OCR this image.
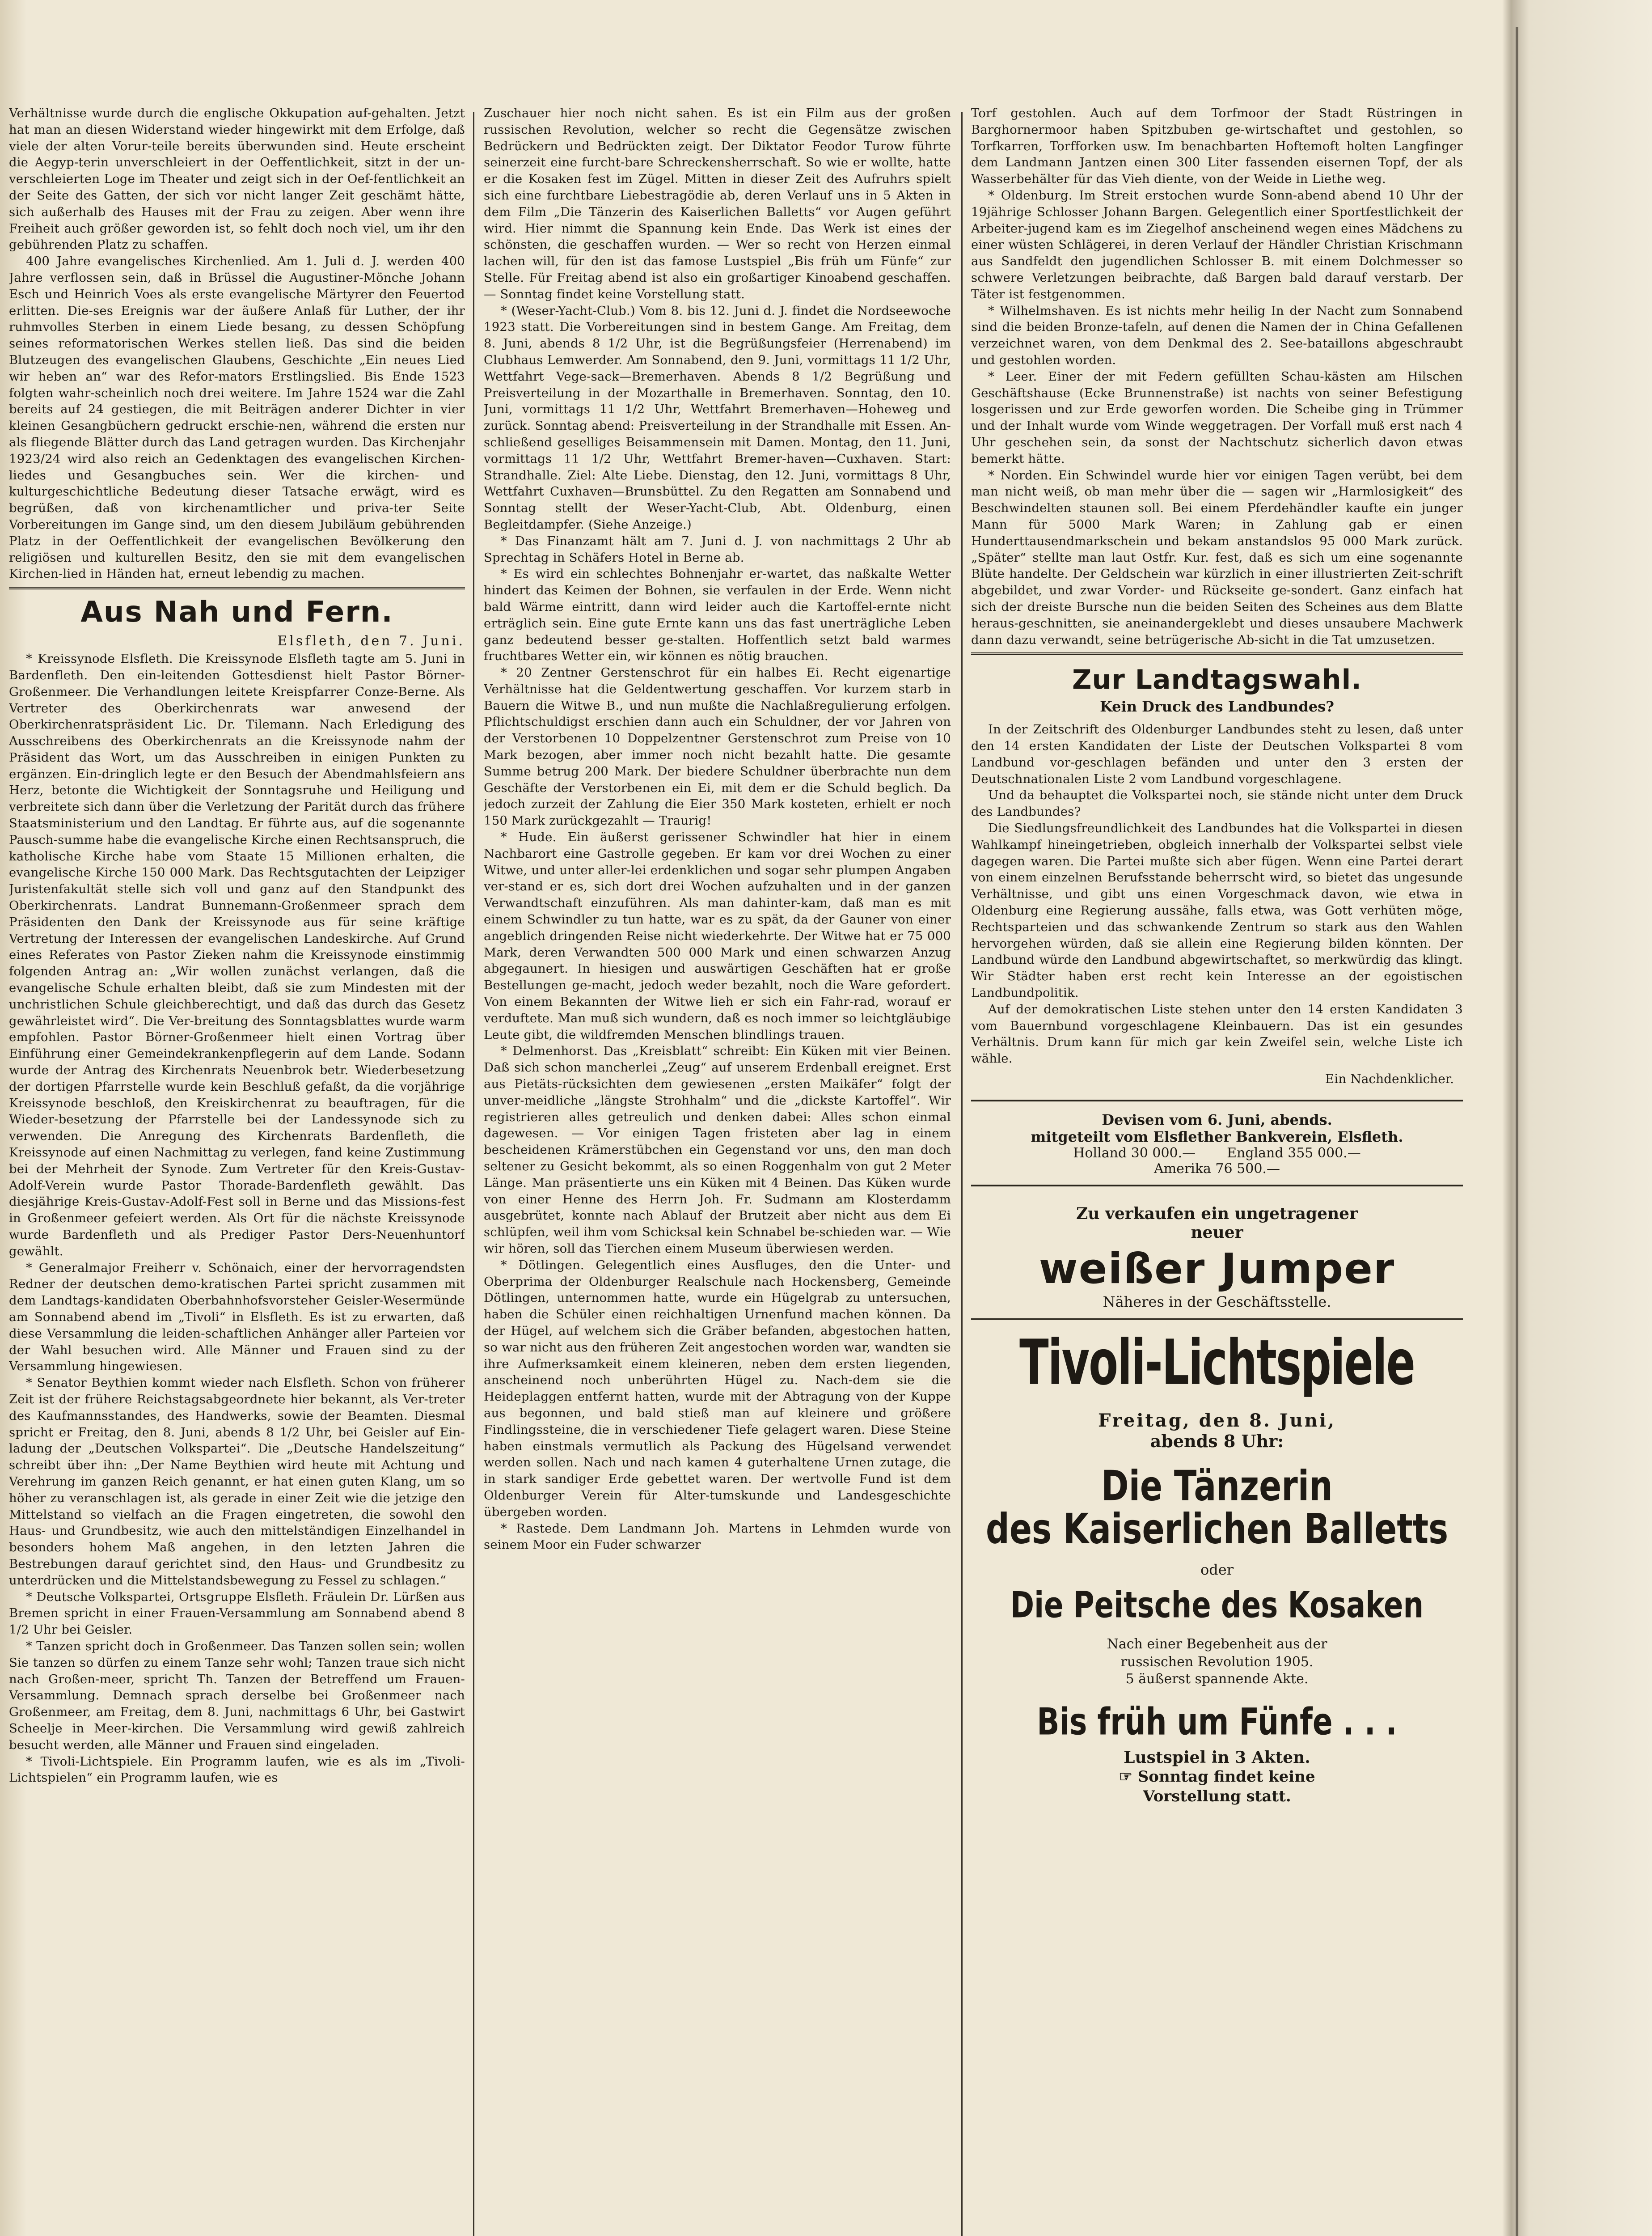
Verhältnisse wurde durch die englische Okkupation auf-gehalten. Jetzt hat man an diesen Widerstand wieder hingewirkt mit dem Erfolge, daß viele der alten Vorur-teile bereits überwunden sind. Heute erscheint die Aegyp-terin unverschleiert in der Oeffentlichkeit, sitzt in der un-verschleierten Loge im Theater und zeigt sich in der Oef-fentlichkeit an der Seite des Gatten, der sich vor nicht langer Zeit geschämt hätte, sich außerhalb des Hauses mit der Frau zu zeigen. Aber wenn ihre Freiheit auch größer geworden ist, so fehlt doch noch viel, um ihr den gebührenden Platz zu schaffen.

400 Jahre evangelisches Kirchenlied. Am 1. Juli d. J. werden 400 Jahre verflossen sein, daß in Brüssel die Augustiner-Mönche Johann Esch und Heinrich Voes als erste evangelische Märtyrer den Feuertod erlitten. Die-ses Ereignis war der äußere Anlaß für Luther, der ihr ruhmvolles Sterben in einem Liede besang, zu dessen Schöpfung seines reformatorischen Werkes stellen ließ. Das sind die beiden Blutzeugen des evangelischen Glaubens, Geschichte „Ein neues Lied wir heben an“ war des Refor-mators Erstlingslied. Bis Ende 1523 folgten wahr-scheinlich noch drei weitere. Im Jahre 1524 war die Zahl bereits auf 24 gestiegen, die mit Beiträgen anderer Dichter in vier kleinen Gesangbüchern gedruckt erschie-nen, während die ersten nur als fliegende Blätter durch das Land getragen wurden. Das Kirchenjahr 1923/24 wird also reich an Gedenktagen des evangelischen Kirchen-liedes und Gesangbuches sein. Wer die kirchen- und kulturgeschichtliche Bedeutung dieser Tatsache erwägt, wird es begrüßen, daß von kirchenamtlicher und priva-ter Seite Vorbereitungen im Gange sind, um den diesem Jubiläum gebührenden Platz in der Oeffentlichkeit der evangelischen Bevölkerung den religiösen und kulturellen Besitz, den sie mit dem evangelischen Kirchen-lied in Händen hat, erneut lebendig zu machen.

Aus Nah und Fern.
Elsfleth, den 7. Juni.

* Kreissynode Elsfleth. Die Kreissynode Elsfleth tagte am 5. Juni in Bardenfleth. Den ein-leitenden Gottesdienst hielt Pastor Börner-Großenmeer. Die Verhandlungen leitete Kreispfarrer Conze-Berne. Als Vertreter des Oberkirchenrats war anwesend der Oberkirchenratspräsident Lic. Dr. Tilemann. Nach Erledigung des Ausschreibens des Oberkirchenrats an die Kreissynode nahm der Präsident das Wort, um das Ausschreiben in einigen Punkten zu ergänzen. Ein-dringlich legte er den Besuch der Abendmahlsfeiern ans Herz, betonte die Wichtigkeit der Sonntagsruhe und Heiligung und verbreitete sich dann über die Verletzung der Parität durch das frühere Staatsministerium und den Landtag. Er führte aus, auf die sogenannte Pausch-summe habe die evangelische Kirche einen Rechtsanspruch, die katholische Kirche habe vom Staate 15 Millionen erhalten, die evangelische Kirche 150 000 Mark. Das Rechtsgutachten der Leipziger Juristenfakultät stelle sich voll und ganz auf den Standpunkt des Oberkirchenrats. Landrat Bunnemann-Großenmeer sprach dem Präsidenten den Dank der Kreissynode aus für seine kräftige Vertretung der Interessen der evangelischen Landeskirche. Auf Grund eines Referates von Pastor Zieken nahm die Kreissynode einstimmig folgenden Antrag an: „Wir wollen zunächst verlangen, daß die evangelische Schule erhalten bleibt, daß sie zum Mindesten mit der unchristlichen Schule gleichberechtigt, und daß das durch das Gesetz gewährleistet wird“. Die Ver-breitung des Sonntagsblattes wurde warm empfohlen. Pastor Börner-Großenmeer hielt einen Vortrag über Einführung einer Gemeindekrankenpflegerin auf dem Lande. Sodann wurde der Antrag des Kirchenrats Neuenbrok betr. Wiederbesetzung der dortigen Pfarrstelle wurde kein Beschluß gefaßt, da die vorjährige Kreissynode beschloß, den Kreiskirchenrat zu beauftragen, für die Wieder-besetzung der Pfarrstelle bei der Landessynode sich zu verwenden. Die Anregung des Kirchenrats Bardenfleth, die Kreissynode auf einen Nachmittag zu verlegen, fand keine Zustimmung bei der Mehrheit der Synode. Zum Vertreter für den Kreis-Gustav-Adolf-Verein wurde Pastor Thorade-Bardenfleth gewählt. Das diesjährige Kreis-Gustav-Adolf-Fest soll in Berne und das Missions-fest in Großenmeer gefeiert werden. Als Ort für die nächste Kreissynode wurde Bardenfleth und als Prediger Pastor Ders-Neuenhuntorf gewählt.

* Generalmajor Freiherr v. Schönaich, einer der hervorragendsten Redner der deutschen demo-kratischen Partei spricht zusammen mit dem Landtags-kandidaten Oberbahnhofsvorsteher Geisler-Wesermünde am Sonnabend abend im „Tivoli“ in Elsfleth. Es ist zu erwarten, daß diese Versammlung die leiden-schaftlichen Anhänger aller Parteien vor der Wahl besuchen wird. Alle Männer und Frauen sind zu der Versammlung hingewiesen.

* Senator Beythien kommt wieder nach Elsfleth. Schon von früherer Zeit ist der frühere Reichstagsabgeordnete hier bekannt, als Ver-treter des Kaufmannsstandes, des Handwerks, sowie der Beamten. Diesmal spricht er Freitag, den 8. Juni, abends 8 1/2 Uhr, bei Geisler auf Ein-ladung der „Deutschen Volkspartei“. Die „Deutsche Handelszeitung“ schreibt über ihn: „Der Name Beythien wird heute mit Achtung und Verehrung im ganzen Reich genannt, er hat einen guten Klang, um so höher zu veranschlagen ist, als gerade in einer Zeit wie die jetzige den Mittelstand so vielfach an die Fragen eingetreten, die sowohl den Haus- und Grundbesitz, wie auch den mittelständigen Einzelhandel in besonders hohem Maß angehen, in den letzten Jahren die Bestrebungen darauf gerichtet sind, den Haus- und Grundbesitz zu unterdrücken und die Mittelstandsbewegung zu Fessel zu schlagen.“

* Deutsche Volkspartei, Ortsgruppe Elsfleth. Fräulein Dr. Lürßen aus Bremen spricht in einer Frauen-Versammlung am Sonnabend abend 8 1/2 Uhr bei Geisler.

* Tanzen spricht doch in Großenmeer. Das Tanzen sollen sein; wollen Sie tanzen so dürfen zu einem Tanze sehr wohl; Tanzen traue sich nicht nach Großen-meer, spricht Th. Tanzen der Betreffend um Frauen-Versammlung. Demnach sprach derselbe bei Großenmeer nach Großenmeer, am Freitag, dem 8. Juni, nachmittags 6 Uhr, bei Gastwirt Scheelje in Meer-kirchen. Die Versammlung wird gewiß zahlreich besucht werden, alle Männer und Frauen sind eingeladen.

* Tivoli-Lichtspiele. Ein Programm laufen, wie es als im „Tivoli-Lichtspielen“ ein Programm laufen, wie es

Zuschauer hier noch nicht sahen. Es ist ein Film aus der großen russischen Revolution, welcher so recht die Gegensätze zwischen Bedrückern und Bedrückten zeigt. Der Diktator Feodor Turow führte seinerzeit eine furcht-bare Schreckensherrschaft. So wie er wollte, hatte er die Kosaken fest im Zügel. Mitten in dieser Zeit des Aufruhrs spielt sich eine furchtbare Liebestragödie ab, deren Verlauf uns in 5 Akten in dem Film „Die Tänzerin des Kaiserlichen Balletts“ vor Augen geführt wird. Hier nimmt die Spannung kein Ende. Das Werk ist eines der schönsten, die geschaffen wurden. — Wer so recht von Herzen einmal lachen will, für den ist das famose Lustspiel „Bis früh um Fünfe“ zur Stelle. Für Freitag abend ist also ein großartiger Kinoabend geschaffen. — Sonntag findet keine Vorstellung statt.

* (Weser-Yacht-Club.) Vom 8. bis 12. Juni d. J. findet die Nordseewoche 1923 statt. Die Vorbereitungen sind in bestem Gange. Am Freitag, dem 8. Juni, abends 8 1/2 Uhr, ist die Begrüßungsfeier (Herrenabend) im Clubhaus Lemwerder. Am Sonnabend, den 9. Juni, vormittags 11 1/2 Uhr, Wettfahrt Vege-sack—Bremerhaven. Abends 8 1/2 Begrüßung und Preisverteilung in der Mozarthalle in Bremerhaven. Sonntag, den 10. Juni, vormittags 11 1/2 Uhr, Wettfahrt Bremerhaven—Hoheweg und zurück. Sonntag abend: Preisverteilung in der Strandhalle mit Essen. An-schließend geselliges Beisammensein mit Damen. Montag, den 11. Juni, vormittags 11 1/2 Uhr, Wettfahrt Bremer-haven—Cuxhaven. Start: Strandhalle. Ziel: Alte Liebe. Dienstag, den 12. Juni, vormittags 8 Uhr, Wettfahrt Cuxhaven—Brunsbüttel. Zu den Regatten am Sonnabend und Sonntag stellt der Weser-Yacht-Club, Abt. Oldenburg, einen Begleitdampfer. (Siehe Anzeige.)

* Das Finanzamt hält am 7. Juni d. J. von nachmittags 2 Uhr ab Sprechtag in Schäfers Hotel in Berne ab.

* Es wird ein schlechtes Bohnenjahr er-wartet, das naßkalte Wetter hindert das Keimen der Bohnen, sie verfaulen in der Erde. Wenn nicht bald Wärme eintritt, dann wird leider auch die Kartoffel-ernte nicht erträglich sein. Eine gute Ernte kann uns das fast unerträgliche Leben ganz bedeutend besser ge-stalten. Hoffentlich setzt bald warmes fruchtbares Wetter ein, wir können es nötig brauchen.

* 20 Zentner Gerstenschrot für ein halbes Ei. Recht eigenartige Verhältnisse hat die Geldentwertung geschaffen. Vor kurzem starb in Bauern die Witwe B., und nun mußte die Nachlaßregulierung erfolgen. Pflichtschuldigst erschien dann auch ein Schuldner, der vor Jahren von der Verstorbenen 10 Doppelzentner Gerstenschrot zum Preise von 10 Mark bezogen, aber immer noch nicht bezahlt hatte. Die gesamte Summe betrug 200 Mark. Der biedere Schuldner überbrachte nun dem Geschäfte der Verstorbenen ein Ei, mit dem er die Schuld beglich. Da jedoch zurzeit der Zahlung die Eier 350 Mark kosteten, erhielt er noch 150 Mark zurückgezahlt — Traurig!

* Hude. Ein äußerst gerissener Schwindler hat hier in einem Nachbarort eine Gastrolle gegeben. Er kam vor drei Wochen zu einer Witwe, und unter aller-lei erdenklichen und sogar sehr plumpen Angaben ver-stand er es, sich dort drei Wochen aufzuhalten und in der ganzen Verwandtschaft einzuführen. Als man dahinter-kam, daß man es mit einem Schwindler zu tun hatte, war es zu spät, da der Gauner von einer angeblich dringenden Reise nicht wiederkehrte. Der Witwe hat er 75 000 Mark, deren Verwandten 500 000 Mark und einen schwarzen Anzug abgegaunert. In hiesigen und auswärtigen Geschäften hat er große Bestellungen ge-macht, jedoch weder bezahlt, noch die Ware gefordert. Von einem Bekannten der Witwe lieh er sich ein Fahr-rad, worauf er verduftete. Man muß sich wundern, daß es noch immer so leichtgläubige Leute gibt, die wildfremden Menschen blindlings trauen.

* Delmenhorst. Das „Kreisblatt“ schreibt: Ein Küken mit vier Beinen. Daß sich schon mancherlei „Zeug“ auf unserem Erdenball ereignet. Erst aus Pietäts-rücksichten dem gewiesenen „ersten Maikäfer“ folgt der unver-meidliche „längste Strohhalm“ und die „dickste Kartoffel“. Wir registrieren alles getreulich und denken dabei: Alles schon einmal dagewesen. — Vor einigen Tagen fristeten aber lag in einem bescheidenen Krämerstübchen ein Gegenstand vor uns, den man doch seltener zu Gesicht bekommt, als so einen Roggenhalm von gut 2 Meter Länge. Man präsentierte uns ein Küken mit 4 Beinen. Das Küken wurde von einer Henne des Herrn Joh. Fr. Sudmann am Klosterdamm ausgebrütet, konnte nach Ablauf der Brutzeit aber nicht aus dem Ei schlüpfen, weil ihm vom Schicksal kein Schnabel be-schieden war. — Wie wir hören, soll das Tierchen einem Museum überwiesen werden.

* Dötlingen. Gelegentlich eines Ausfluges, den die Unter- und Oberprima der Oldenburger Realschule nach Hockensberg, Gemeinde Dötlingen, unternommen hatte, wurde ein Hügelgrab zu untersuchen, haben die Schüler einen reichhaltigen Urnenfund machen können. Da der Hügel, auf welchem sich die Gräber befanden, abgestochen hatten, so war nicht aus den früheren Zeit angestochen worden war, wandten sie ihre Aufmerksamkeit einem kleineren, neben dem ersten liegenden, anscheinend noch unberührten Hügel zu. Nach-dem sie die Heideplaggen entfernt hatten, wurde mit der Abtragung von der Kuppe aus begonnen, und bald stieß man auf kleinere und größere Findlingssteine, die in verschiedener Tiefe gelagert waren. Diese Steine haben einstmals vermutlich als Packung des Hügelsand verwendet werden sollen. Nach und nach kamen 4 guterhaltene Urnen zutage, die in stark sandiger Erde gebettet waren. Der wertvolle Fund ist dem Oldenburger Verein für Alter-tumskunde und Landesgeschichte übergeben worden.

* Rastede. Dem Landmann Joh. Martens in Lehmden wurde von seinem Moor ein Fuder schwarzer

Torf gestohlen. Auch auf dem Torfmoor der Stadt Rüstringen in Barghornermoor haben Spitzbuben ge-wirtschaftet und gestohlen, so Torfkarren, Torfforken usw. Im benachbarten Hoftemoft holten Langfinger dem Landmann Jantzen einen 300 Liter fassenden eisernen Topf, der als Wasserbehälter für das Vieh diente, von der Weide in Liethe weg.

* Oldenburg. Im Streit erstochen wurde Sonn-abend abend 10 Uhr der 19jährige Schlosser Johann Bargen. Gelegentlich einer Sportfestlichkeit der Arbeiter-jugend kam es im Ziegelhof anscheinend wegen eines Mädchens zu einer wüsten Schlägerei, in deren Verlauf der Händler Christian Krischmann aus Sandfeldt den jugendlichen Schlosser B. mit einem Dolchmesser so schwere Verletzungen beibrachte, daß Bargen bald darauf verstarb. Der Täter ist festgenommen.

* Wilhelmshaven. Es ist nichts mehr heilig In der Nacht zum Sonnabend sind die beiden Bronze-tafeln, auf denen die Namen der in China Gefallenen verzeichnet waren, von dem Denkmal des 2. See-bataillons abgeschraubt und gestohlen worden.

* Leer. Einer der mit Federn gefüllten Schau-kästen am Hilschen Geschäftshause (Ecke Brunnenstraße) ist nachts von seiner Befestigung losgerissen und zur Erde geworfen worden. Die Scheibe ging in Trümmer und der Inhalt wurde vom Winde weggetragen. Der Vorfall muß erst nach 4 Uhr geschehen sein, da sonst der Nachtschutz sicherlich davon etwas bemerkt hätte.

* Norden. Ein Schwindel wurde hier vor einigen Tagen verübt, bei dem man nicht weiß, ob man mehr über die — sagen wir „Harmlosigkeit“ des Beschwindelten staunen soll. Bei einem Pferdehändler kaufte ein junger Mann für 5000 Mark Waren; in Zahlung gab er einen Hunderttausendmarkschein und bekam anstandslos 95 000 Mark zurück. „Später“ stellte man laut Ostfr. Kur. fest, daß es sich um eine sogenannte Blüte handelte. Der Geldschein war kürzlich in einer illustrierten Zeit-schrift abgebildet, und zwar Vorder- und Rückseite ge-sondert. Ganz einfach hat sich der dreiste Bursche nun die beiden Seiten des Scheines aus dem Blatte heraus-geschnitten, sie aneinandergeklebt und dieses unsaubere Machwerk dann dazu verwandt, seine betrügerische Ab-sicht in die Tat umzusetzen.

Zur Landtagswahl.
Kein Druck des Landbundes?

In der Zeitschrift des Oldenburger Landbundes steht zu lesen, daß unter den 14 ersten Kandidaten der Liste der Deutschen Volkspartei 8 vom Landbund vor-geschlagen befänden und unter den 3 ersten der Deutschnationalen Liste 2 vom Landbund vorgeschlagene.

Und da behauptet die Volkspartei noch, sie stände nicht unter dem Druck des Landbundes?

Die Siedlungsfreundlichkeit des Landbundes hat die Volkspartei in diesen Wahlkampf hineingetrieben, obgleich innerhalb der Volkspartei selbst viele dagegen waren. Die Partei mußte sich aber fügen. Wenn eine Partei derart von einem einzelnen Berufsstande beherrscht wird, so bietet das ungesunde Verhältnisse, und gibt uns einen Vorgeschmack davon, wie etwa in Oldenburg eine Regierung aussähe, falls etwa, was Gott verhüten möge, Rechtsparteien und das schwankende Zentrum so stark aus den Wahlen hervorgehen würden, daß sie allein eine Regierung bilden könnten. Der Landbund würde den Landbund abgewirtschaftet, so merkwürdig das klingt. Wir Städter haben erst recht kein Interesse an der egoistischen Landbundpolitik.

Auf der demokratischen Liste stehen unter den 14 ersten Kandidaten 3 vom Bauernbund vorgeschlagene Kleinbauern. Das ist ein gesundes Verhältnis. Drum kann für mich gar kein Zweifel sein, welche Liste ich wähle.

Ein Nachdenklicher.
Devisen vom 6. Juni, abends.
mitgeteilt vom Elsflether Bankverein, Elsfleth.
Holland 30 000.— England 355 000.—
Amerika 76 500.—
Zu verkaufen ein ungetragener
neuer
weißer Jumper
Näheres in der Geschäftsstelle.
Tivoli-Lichtspiele
Freitag, den 8. Juni,
abends 8 Uhr:
Die Tänzerin
des Kaiserlichen Balletts
oder
Die Peitsche des Kosaken
Nach einer Begebenheit aus der
russischen Revolution 1905.
5 äußerst spannende Akte.
Bis früh um Fünfe . . .
Lustspiel in 3 Akten.
☞ Sonntag findet keine
Vorstellung statt.
